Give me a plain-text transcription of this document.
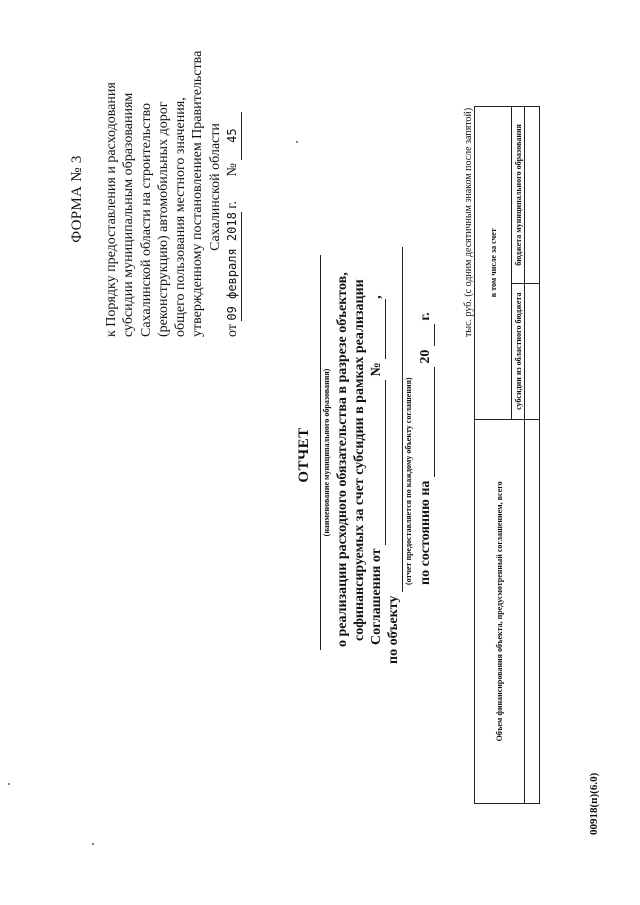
ФОРМА № 3 к Порядку предоставления и расходования субсидии муниципальным образованиям Сахалинской области на строительство (реконструкцию) автомобильных дорог общего пользования местного значения, утвержденному постановлением Правительства Сахалинской области
от 09 февраля 2018 г.       № 45
ОТЧЕТ (наименование муниципального образования) о реализации расходного обязательства в разрезе объектов, софинансируемых за счет субсидии в рамках реализации Соглашения от   №  ,
по объекту
(отчет предоставляется по каждому объекту соглашения) по состоянию на   20   г.	тыс. руб. (с одним десятичным знаком после запятой)
Объем финансирования объекта, предусмотренный соглашением, всего	в том числе за счет	
	субсидии из областного бюджета	бюджета муниципального образования

00918(п)(6.0)
